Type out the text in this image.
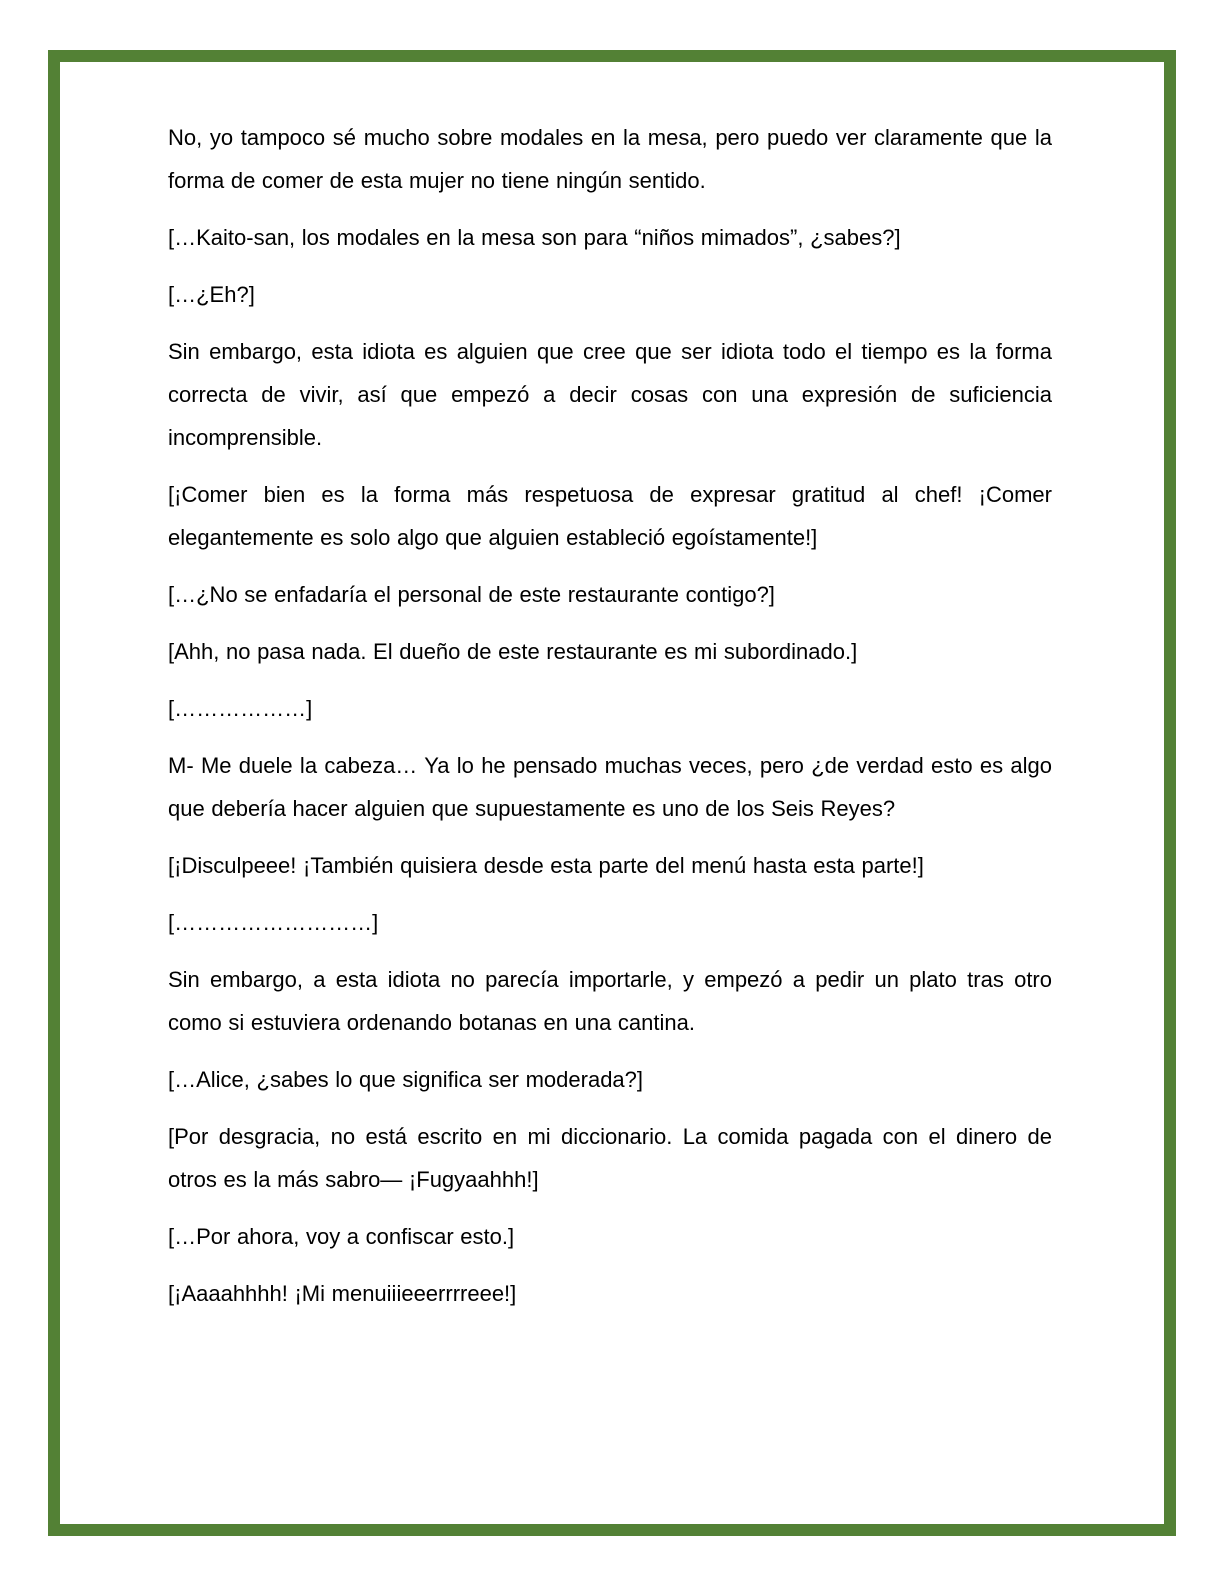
No, yo tampoco sé mucho sobre modales en la mesa, pero puedo ver claramente que la forma de comer de esta mujer no tiene ningún sentido.

[…Kaito-san, los modales en la mesa son para “niños mimados”, ¿sabes?]

[…¿Eh?]

Sin embargo, esta idiota es alguien que cree que ser idiota todo el tiempo es la forma correcta de vivir, así que empezó a decir cosas con una expresión de suficiencia incomprensible.

[¡Comer bien es la forma más respetuosa de expresar gratitud al chef! ¡Comer elegantemente es solo algo que alguien estableció egoístamente!]

[…¿No se enfadaría el personal de este restaurante contigo?]

[Ahh, no pasa nada. El dueño de este restaurante es mi subordinado.]

[………………]

M- Me duele la cabeza… Ya lo he pensado muchas veces, pero ¿de verdad esto es algo que debería hacer alguien que supuestamente es uno de los Seis Reyes?

[¡Disculpeee! ¡También quisiera desde esta parte del menú hasta esta parte!]

[………………………]

Sin embargo, a esta idiota no parecía importarle, y empezó a pedir un plato tras otro como si estuviera ordenando botanas en una cantina.

[…Alice, ¿sabes lo que significa ser moderada?]

[Por desgracia, no está escrito en mi diccionario. La comida pagada con el dinero de otros es la más sabro— ¡Fugyaahhh!]

[…Por ahora, voy a confiscar esto.]

[¡Aaaahhhh! ¡Mi menuiiieeerrrreee!]
